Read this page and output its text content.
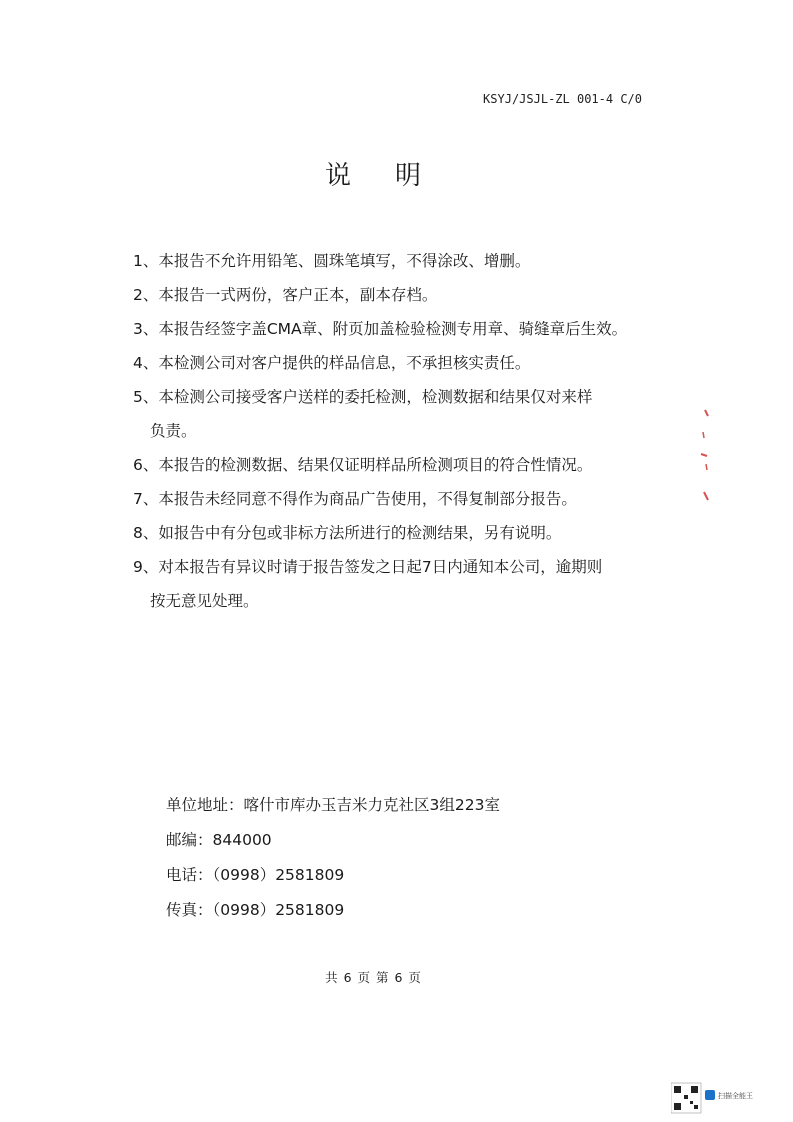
KSYJ/JSJL-ZL 001-4 C/0
说明
1、本报告不允许用铅笔、圆珠笔填写，不得涂改、增删。
2、本报告一式两份，客户正本，副本存档。
3、本报告经签字盖CMA章、附页加盖检验检测专用章、骑缝章后生效。
4、本检测公司对客户提供的样品信息，不承担核实责任。
5、本检测公司接受客户送样的委托检测，检测数据和结果仅对来样
负责。
6、本报告的检测数据、结果仅证明样品所检测项目的符合性情况。
7、本报告未经同意不得作为商品广告使用，不得复制部分报告。
8、如报告中有分包或非标方法所进行的检测结果，另有说明。
9、对本报告有异议时请于报告签发之日起7日内通知本公司，逾期则
按无意见处理。
单位地址：喀什市库办玉吉米力克社区3组223室
邮编：844000
电话：（0998）2581809
传真：（0998）2581809
共 6 页 第 6 页
扫描全能王
